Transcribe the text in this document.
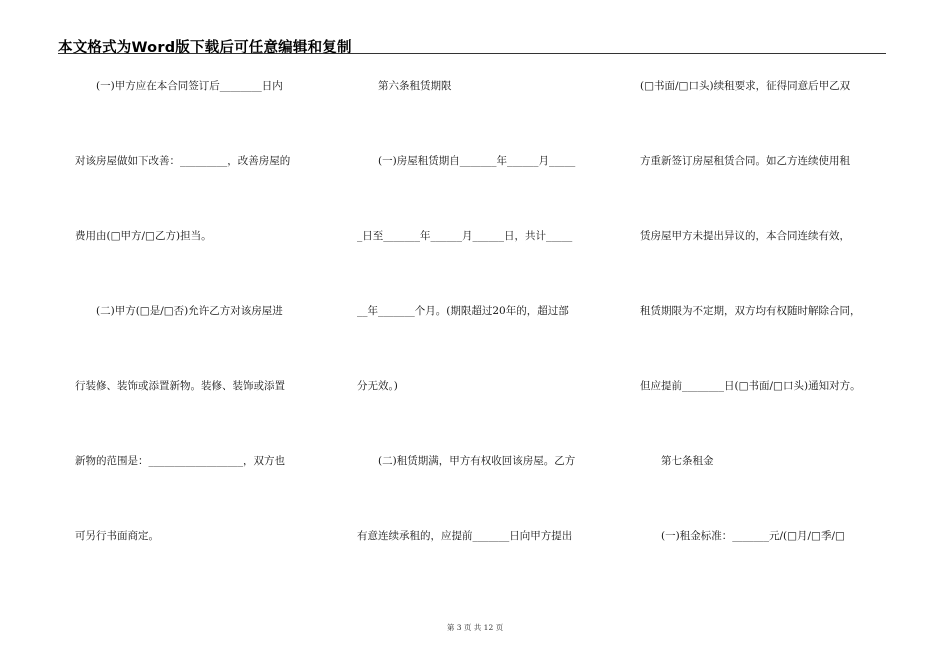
本文格式为Word版下载后可任意编辑和复制
　　(一)甲方应在本合同签订后________日内
对该房屋做如下改善：_________，改善房屋的
费用由(□甲方/□乙方)担当。
　　(二)甲方(□是/□否)允许乙方对该房屋进
行装修、装饰或添置新物。装修、装饰或添置
新物的范围是：__________________，双方也
可另行书面商定。
　　第六条租赁期限
　　(一)房屋租赁期自_______年______月_____
_日至_______年______月______日，共计_____
__年_______个月。(期限超过20年的，超过部
分无效。)
　　(二)租赁期满，甲方有权收回该房屋。乙方
有意连续承租的，应提前_______日向甲方提出
(□书面/□口头)续租要求，征得同意后甲乙双
方重新签订房屋租赁合同。如乙方连续使用租
赁房屋甲方未提出异议的，本合同连续有效，
租赁期限为不定期，双方均有权随时解除合同，
但应提前________日(□书面/□口头)通知对方。
　　第七条租金
　　(一)租金标准：_______元/(□月/□季/□
第 3 页 共 12 页
